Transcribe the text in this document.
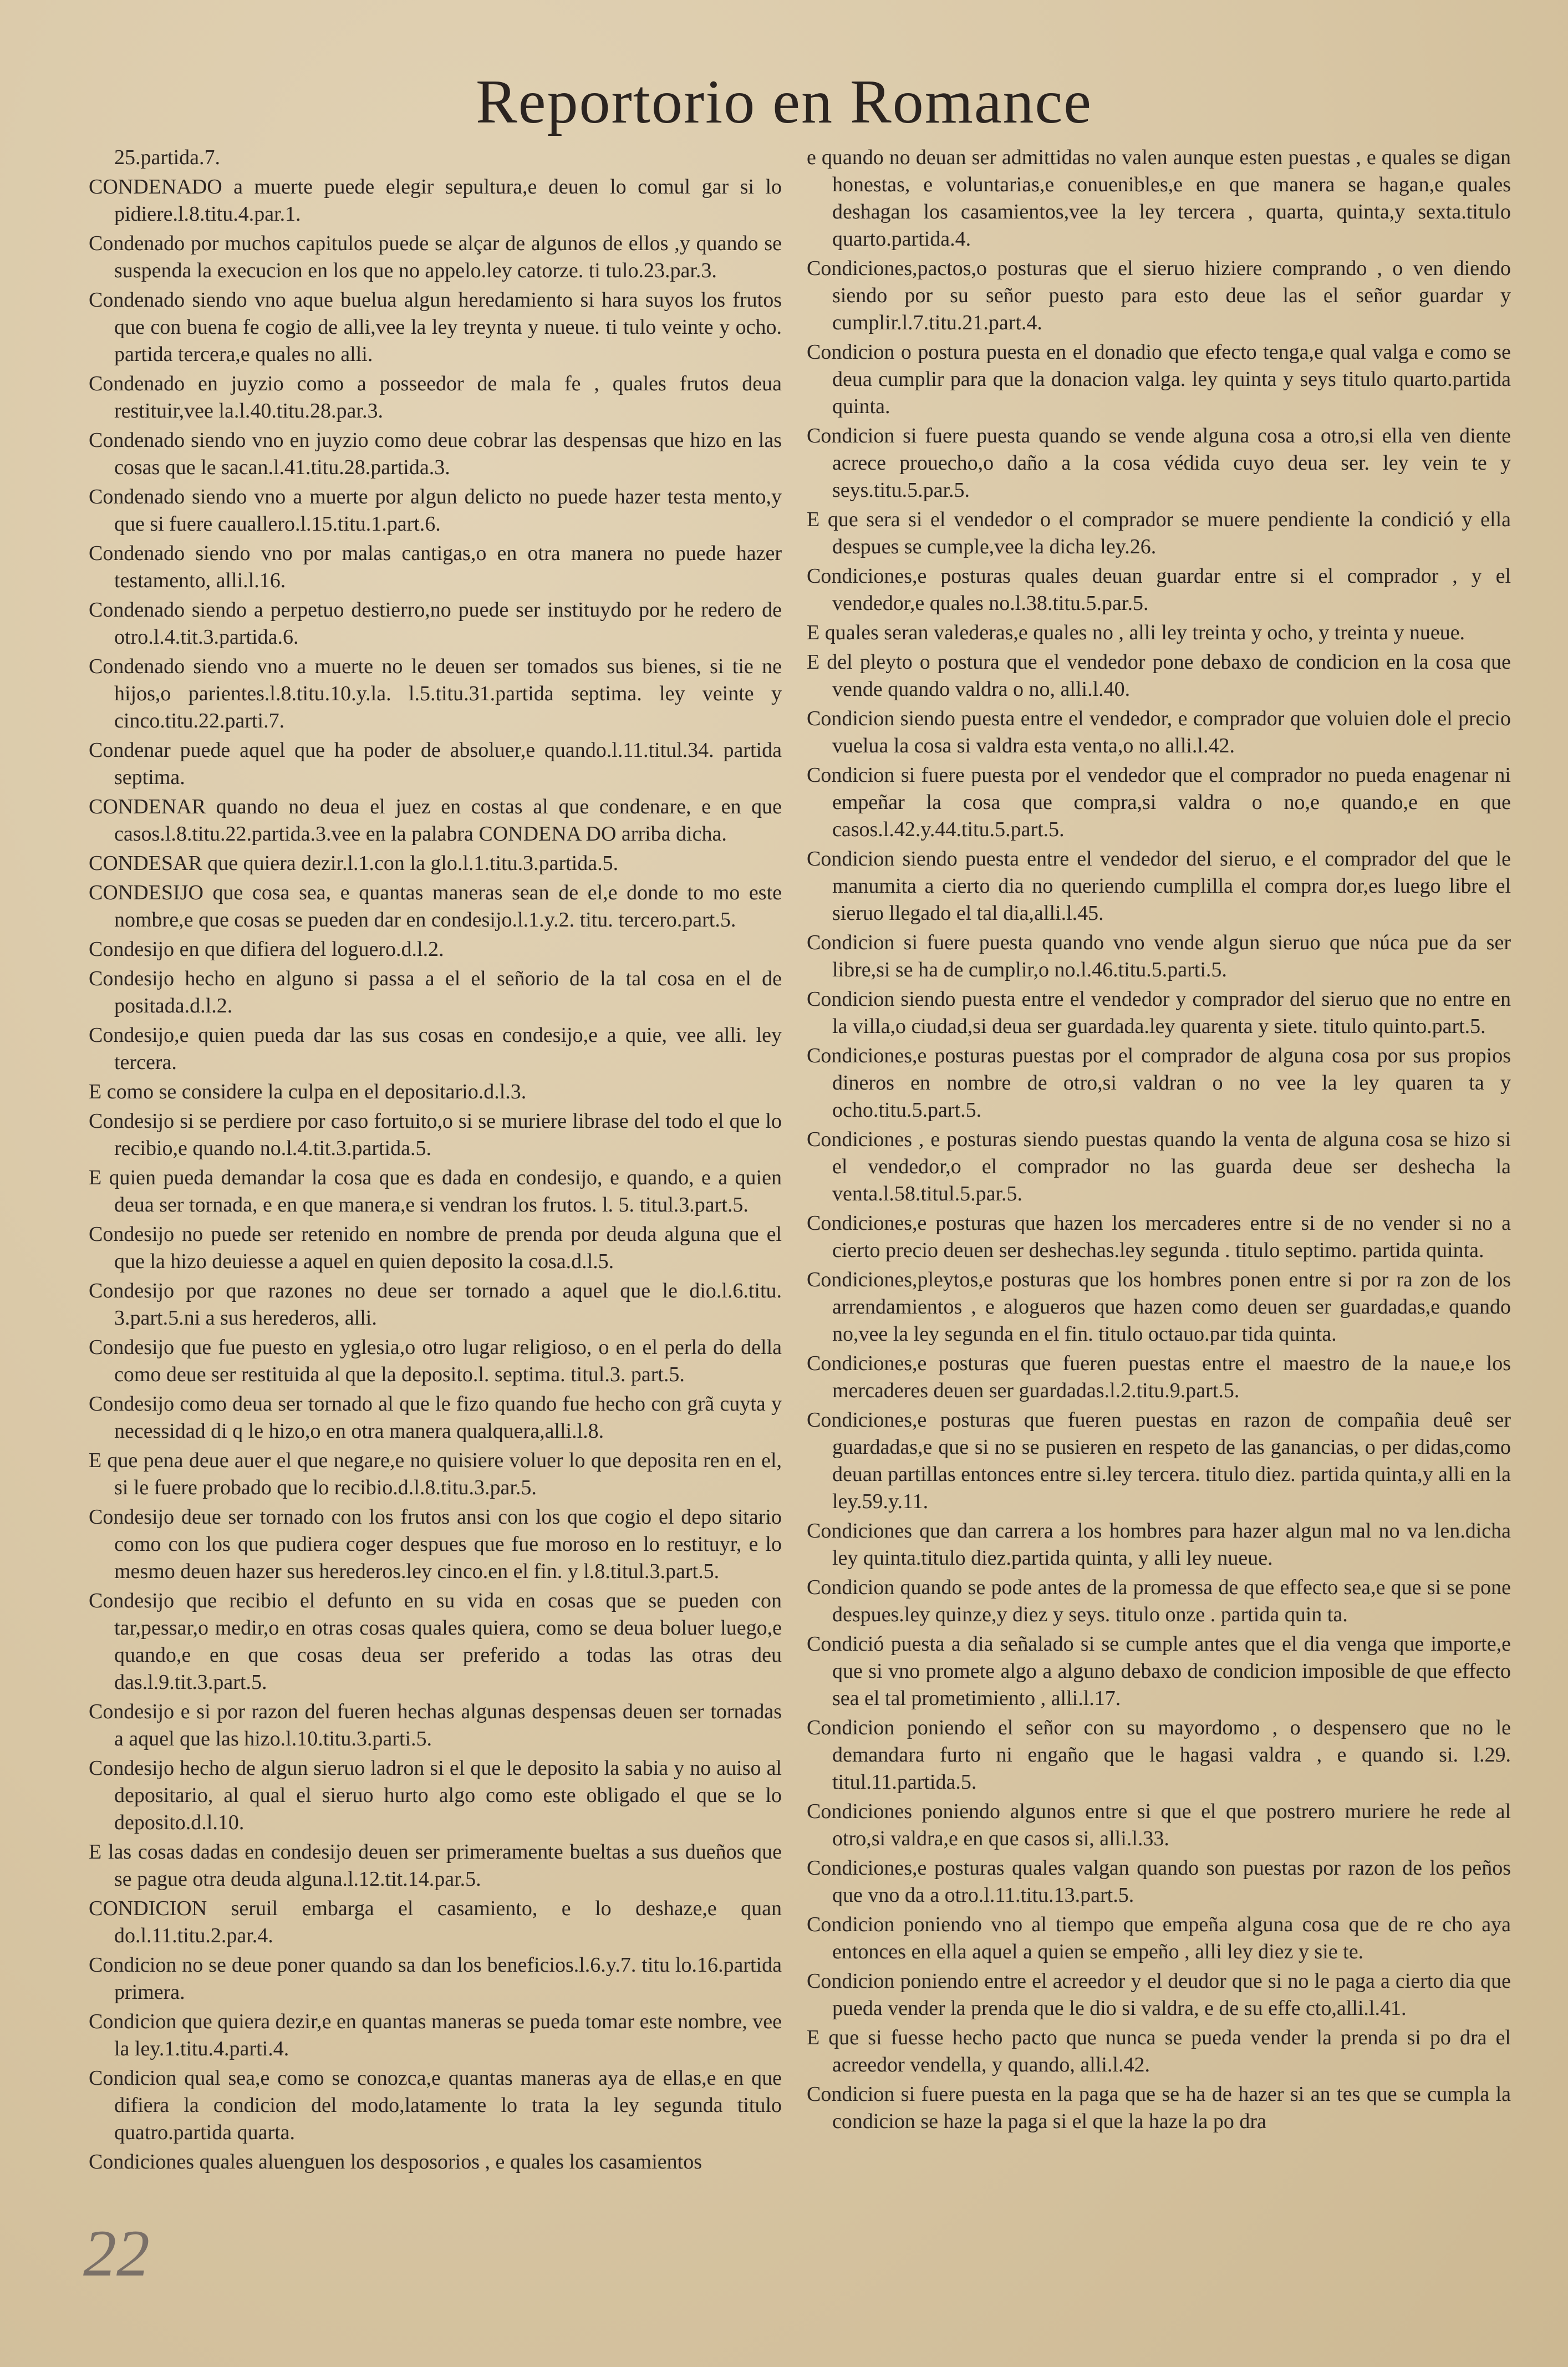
Reportorio en Romance

25.partida.7.

CONDENADO a muerte puede elegir sepultura,e deuen lo comul gar si lo pidiere.l.8.titu.4.par.1.

Condenado por muchos capitulos puede se alçar de algunos de ellos ,y quando se suspenda la execucion en los que no appelo.ley catorze. ti tulo.23.par.3.

Condenado siendo vno aque buelua algun heredamiento si hara suyos los frutos que con buena fe cogio de alli,vee la ley treynta y nueue. ti tulo veinte y ocho. partida tercera,e quales no alli.

Condenado en juyzio como a posseedor de mala fe , quales frutos deua restituir,vee la.l.40.titu.28.par.3.

Condenado siendo vno en juyzio como deue cobrar las despensas que hizo en las cosas que le sacan.l.41.titu.28.partida.3.

Condenado siendo vno a muerte por algun delicto no puede hazer testa mento,y que si fuere cauallero.l.15.titu.1.part.6.

Condenado siendo vno por malas cantigas,o en otra manera no puede hazer testamento, alli.l.16.

Condenado siendo a perpetuo destierro,no puede ser instituydo por he redero de otro.l.4.tit.3.partida.6.

Condenado siendo vno a muerte no le deuen ser tomados sus bienes, si tie ne hijos,o parientes.l.8.titu.10.y.la. l.5.titu.31.partida septima. ley veinte y cinco.titu.22.parti.7.

Condenar puede aquel que ha poder de absoluer,e quando.l.11.titul.34. partida septima.

CONDENAR quando no deua el juez en costas al que condenare, e en que casos.l.8.titu.22.partida.3.vee en la palabra CONDENA DO arriba dicha.

CONDESAR que quiera dezir.l.1.con la glo.l.1.titu.3.partida.5.

CONDESIJO que cosa sea, e quantas maneras sean de el,e donde to mo este nombre,e que cosas se pueden dar en condesijo.l.1.y.2. titu. tercero.part.5.

Condesijo en que difiera del loguero.d.l.2.

Condesijo hecho en alguno si passa a el el señorio de la tal cosa en el de positada.d.l.2.

Condesijo,e quien pueda dar las sus cosas en condesijo,e a quie, vee alli. ley tercera.

E como se considere la culpa en el depositario.d.l.3.

Condesijo si se perdiere por caso fortuito,o si se muriere librase del todo el que lo recibio,e quando no.l.4.tit.3.partida.5.

E quien pueda demandar la cosa que es dada en condesijo, e quando, e a quien deua ser tornada, e en que manera,e si vendran los frutos. l. 5. titul.3.part.5.

Condesijo no puede ser retenido en nombre de prenda por deuda alguna que el que la hizo deuiesse a aquel en quien deposito la cosa.d.l.5.

Condesijo por que razones no deue ser tornado a aquel que le dio.l.6.titu. 3.part.5.ni a sus herederos, alli.

Condesijo que fue puesto en yglesia,o otro lugar religioso, o en el perla do della como deue ser restituida al que la deposito.l. septima. titul.3. part.5.

Condesijo como deua ser tornado al que le fizo quando fue hecho con grã cuyta y necessidad di q le hizo,o en otra manera qualquera,alli.l.8.

E que pena deue auer el que negare,e no quisiere voluer lo que deposita ren en el, si le fuere probado que lo recibio.d.l.8.titu.3.par.5.

Condesijo deue ser tornado con los frutos ansi con los que cogio el depo sitario como con los que pudiera coger despues que fue moroso en lo restituyr, e lo mesmo deuen hazer sus herederos.ley cinco.en el fin. y l.8.titul.3.part.5.

Condesijo que recibio el defunto en su vida en cosas que se pueden con tar,pessar,o medir,o en otras cosas quales quiera, como se deua boluer luego,e quando,e en que cosas deua ser preferido a todas las otras deu das.l.9.tit.3.part.5.

Condesijo e si por razon del fueren hechas algunas despensas deuen ser tornadas a aquel que las hizo.l.10.titu.3.parti.5.

Condesijo hecho de algun sieruo ladron si el que le deposito la sabia y no auiso al depositario, al qual el sieruo hurto algo como este obligado el que se lo deposito.d.l.10.

E las cosas dadas en condesijo deuen ser primeramente bueltas a sus dueños que se pague otra deuda alguna.l.12.tit.14.par.5.

CONDICION seruil embarga el casamiento, e lo deshaze,e quan do.l.11.titu.2.par.4.

Condicion no se deue poner quando sa dan los beneficios.l.6.y.7. titu lo.16.partida primera.

Condicion que quiera dezir,e en quantas maneras se pueda tomar este nombre, vee la ley.1.titu.4.parti.4.

Condicion qual sea,e como se conozca,e quantas maneras aya de ellas,e en que difiera la condicion del modo,latamente lo trata la ley segunda titulo quatro.partida quarta.

Condiciones quales aluenguen los desposorios , e quales los casamientos

e quando no deuan ser admittidas no valen aunque esten puestas , e quales se digan honestas, e voluntarias,e conuenibles,e en que manera se hagan,e quales deshagan los casamientos,vee la ley tercera , quarta, quinta,y sexta.titulo quarto.partida.4.

Condiciones,pactos,o posturas que el sieruo hiziere comprando , o ven diendo siendo por su señor puesto para esto deue las el señor guardar y cumplir.l.7.titu.21.part.4.

Condicion o postura puesta en el donadio que efecto tenga,e qual valga e como se deua cumplir para que la donacion valga. ley quinta y seys titulo quarto.partida quinta.

Condicion si fuere puesta quando se vende alguna cosa a otro,si ella ven diente acrece prouecho,o daño a la cosa védida cuyo deua ser. ley vein te y seys.titu.5.par.5.

E que sera si el vendedor o el comprador se muere pendiente la condició y ella despues se cumple,vee la dicha ley.26.

Condiciones,e posturas quales deuan guardar entre si el comprador , y el vendedor,e quales no.l.38.titu.5.par.5.

E quales seran valederas,e quales no , alli ley treinta y ocho, y treinta y nueue.

E del pleyto o postura que el vendedor pone debaxo de condicion en la cosa que vende quando valdra o no, alli.l.40.

Condicion siendo puesta entre el vendedor, e comprador que voluien dole el precio vuelua la cosa si valdra esta venta,o no alli.l.42.

Condicion si fuere puesta por el vendedor que el comprador no pueda enagenar ni empeñar la cosa que compra,si valdra o no,e quando,e en que casos.l.42.y.44.titu.5.part.5.

Condicion siendo puesta entre el vendedor del sieruo, e el comprador del que le manumita a cierto dia no queriendo cumplilla el compra dor,es luego libre el sieruo llegado el tal dia,alli.l.45.

Condicion si fuere puesta quando vno vende algun sieruo que núca pue da ser libre,si se ha de cumplir,o no.l.46.titu.5.parti.5.

Condicion siendo puesta entre el vendedor y comprador del sieruo que no entre en la villa,o ciudad,si deua ser guardada.ley quarenta y siete. titulo quinto.part.5.

Condiciones,e posturas puestas por el comprador de alguna cosa por sus propios dineros en nombre de otro,si valdran o no vee la ley quaren ta y ocho.titu.5.part.5.

Condiciones , e posturas siendo puestas quando la venta de alguna cosa se hizo si el vendedor,o el comprador no las guarda deue ser deshecha la venta.l.58.titul.5.par.5.

Condiciones,e posturas que hazen los mercaderes entre si de no vender si no a cierto precio deuen ser deshechas.ley segunda . titulo septimo. partida quinta.

Condiciones,pleytos,e posturas que los hombres ponen entre si por ra zon de los arrendamientos , e alogueros que hazen como deuen ser guardadas,e quando no,vee la ley segunda en el fin. titulo octauo.par tida quinta.

Condiciones,e posturas que fueren puestas entre el maestro de la naue,e los mercaderes deuen ser guardadas.l.2.titu.9.part.5.

Condiciones,e posturas que fueren puestas en razon de compañia deuê ser guardadas,e que si no se pusieren en respeto de las ganancias, o per didas,como deuan partillas entonces entre si.ley tercera. titulo diez. partida quinta,y alli en la ley.59.y.11.

Condiciones que dan carrera a los hombres para hazer algun mal no va len.dicha ley quinta.titulo diez.partida quinta, y alli ley nueue.

Condicion quando se pode antes de la promessa de que effecto sea,e que si se pone despues.ley quinze,y diez y seys. titulo onze . partida quin ta.

Condició puesta a dia señalado si se cumple antes que el dia venga que importe,e que si vno promete algo a alguno debaxo de condicion imposible de que effecto sea el tal prometimiento , alli.l.17.

Condicion poniendo el señor con su mayordomo , o despensero que no le demandara furto ni engaño que le hagasi valdra , e quando si. l.29. titul.11.partida.5.

Condiciones poniendo algunos entre si que el que postrero muriere he rede al otro,si valdra,e en que casos si, alli.l.33.

Condiciones,e posturas quales valgan quando son puestas por razon de los peños que vno da a otro.l.11.titu.13.part.5.

Condicion poniendo vno al tiempo que empeña alguna cosa que de re cho aya entonces en ella aquel a quien se empeño , alli ley diez y sie te.

Condicion poniendo entre el acreedor y el deudor que si no le paga a cierto dia que pueda vender la prenda que le dio si valdra, e de su effe cto,alli.l.41.

E que si fuesse hecho pacto que nunca se pueda vender la prenda si po dra el acreedor vendella, y quando, alli.l.42.

Condicion si fuere puesta en la paga que se ha de hazer si an tes que se cumpla la condicion se haze la paga si el que la haze la po dra

22
